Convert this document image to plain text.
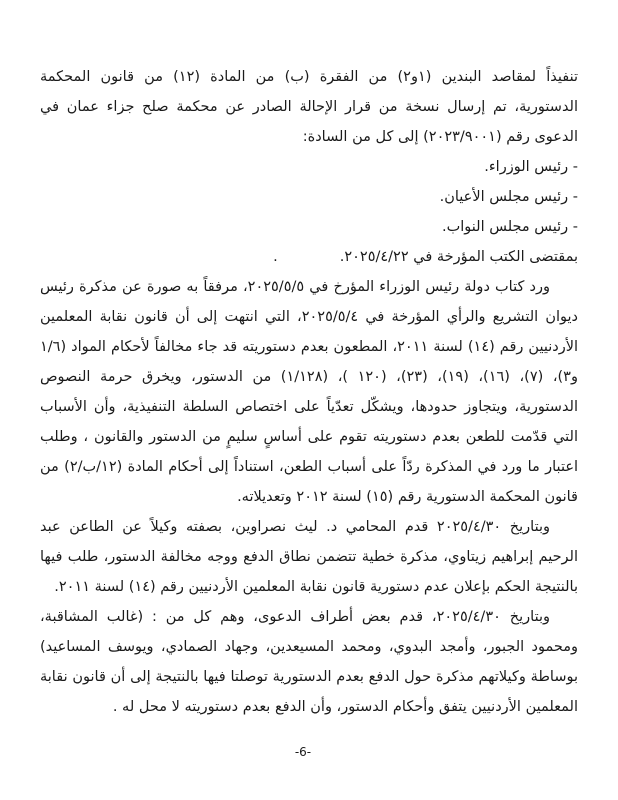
تنفيذاً لمقاصد البندين (١و٢) من الفقرة (ب) من المادة (١٢) من قانون المحكمة الدستورية، تم إرسال نسخة من قرار الإحالة الصادر عن محكمة صلح جزاء عمان في الدعوى رقم (٢٠٢٣/٩٠٠١) إلى كل من السادة:

- رئيس الوزراء.

- رئيس مجلس الأعيان.

- رئيس مجلس النواب.

بمقتضى الكتب المؤرخة في ٢٠٢٥/٤/٢٢..

ورد كتاب دولة رئيس الوزراء المؤرخ في ٢٠٢٥/٥/٥، مرفقاً به صورة عن مذكرة رئيس ديوان التشريع والرأي المؤرخة في ٢٠٢٥/٥/٤، التي انتهت إلى أن قانون نقابة المعلمين الأردنيين رقم (١٤) لسنة ٢٠١١، المطعون بعدم دستوريته قد جاء مخالفاً لأحكام المواد (١/٦ و٣)، (٧)، (١٦)، (١٩)، (٢٣)، (١٢٠ )، (١/١٢٨) من الدستور، ويخرق حرمة النصوص الدستورية، ويتجاوز حدودها، ويشكّل تعدّياً على اختصاص السلطة التنفيذية، وأن الأسباب التي قدّمت للطعن بعدم دستوريته تقوم على أساسٍ سليمٍ من الدستور والقانون ، وطلب اعتبار ما ورد في المذكرة ردّاً على أسباب الطعن، استناداً إلى أحكام المادة (١٢/ب/٢) من قانون المحكمة الدستورية رقم (١٥) لسنة ٢٠١٢ وتعديلاته.

وبتاريخ ٢٠٢٥/٤/٣٠ قدم المحامي د. ليث نصراوين، بصفته وكيلاً عن الطاعن عبد الرحيم إبراهيم زيتاوي، مذكرة خطية تتضمن نطاق الدفع ووجه مخالفة الدستور، طلب فيها بالنتيجة الحكم بإعلان عدم دستورية قانون نقابة المعلمين الأردنيين رقم (١٤) لسنة ٢٠١١.

وبتاريخ ٢٠٢٥/٤/٣٠، قدم بعض أطراف الدعوى، وهم كل من : (غالب المشاقبة، ومحمود الجبور، وأمجد البدوي، ومحمد المسيعدين، وجهاد الصمادي، ويوسف المساعيد) بوساطة وكيلاتهم مذكرة حول الدفع بعدم الدستورية توصلتا فيها بالنتيجة إلى أن قانون نقابة المعلمين الأردنيين يتفق وأحكام الدستور، وأن الدفع بعدم دستوريته لا محل له .

-6-
